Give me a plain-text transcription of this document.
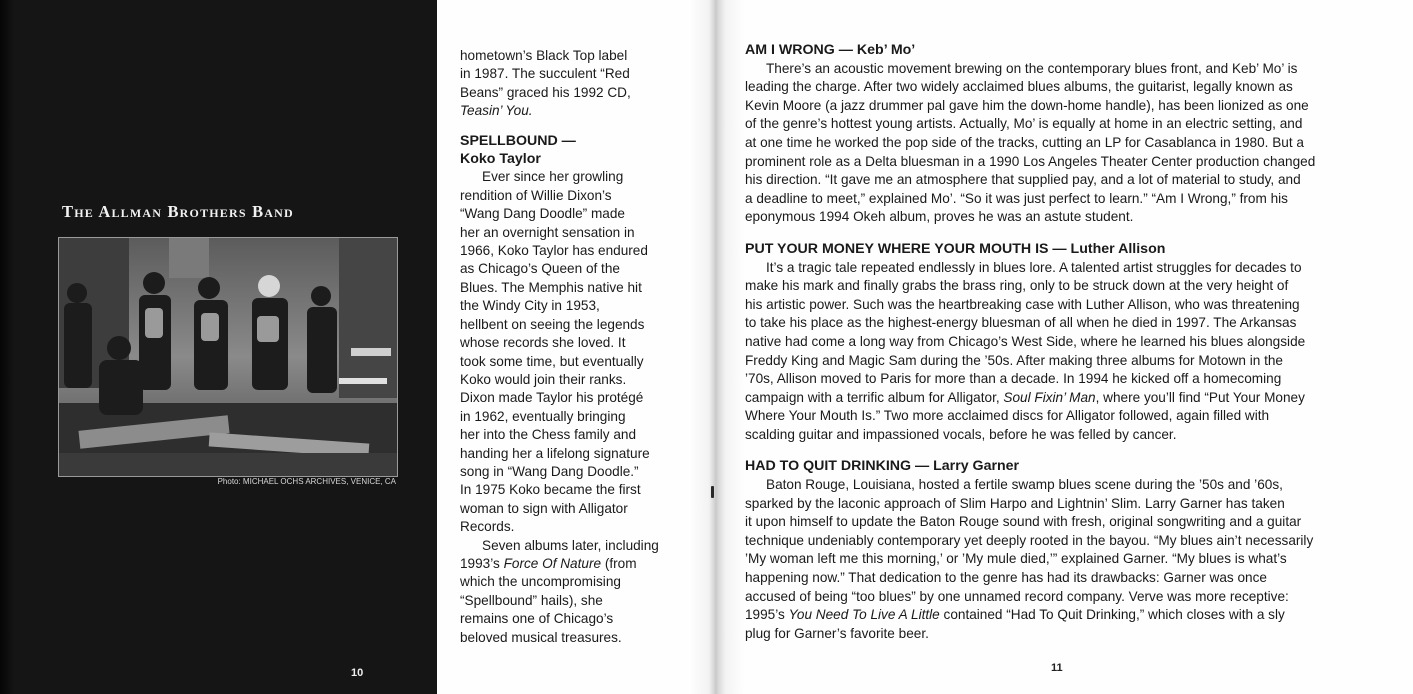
The Allman Brothers Band
Photo: MICHAEL OCHS ARCHIVES, VENICE, CA
10
hometown’s Black Top label
in 1987. The succulent “Red
Beans” graced his 1992 CD,
Teasin’ You.
SPELLBOUND —
Koko Taylor
Ever since her growling
rendition of Willie Dixon’s
“Wang Dang Doodle” made
her an overnight sensation in
1966, Koko Taylor has endured
as Chicago’s Queen of the
Blues. The Memphis native hit
the Windy City in 1953,
hellbent on seeing the legends
whose records she loved. It
took some time, but eventually
Koko would join their ranks.
Dixon made Taylor his protégé
in 1962, eventually bringing
her into the Chess family and
handing her a lifelong signature
song in “Wang Dang Doodle.”
In 1975 Koko became the first
woman to sign with Alligator
Records.
Seven albums later, including
1993’s Force Of Nature (from
which the uncompromising
“Spellbound” hails), she
remains one of Chicago’s
beloved musical treasures.
AM I WRONG — Keb’ Mo’
There’s an acoustic movement brewing on the contemporary blues front, and Keb’ Mo’ is
leading the charge. After two widely acclaimed blues albums, the guitarist, legally known as
Kevin Moore (a jazz drummer pal gave him the down-home handle), has been lionized as one
of the genre’s hottest young artists. Actually, Mo’ is equally at home in an electric setting, and
at one time he worked the pop side of the tracks, cutting an LP for Casablanca in 1980. But a
prominent role as a Delta bluesman in a 1990 Los Angeles Theater Center production changed
his direction. “It gave me an atmosphere that supplied pay, and a lot of material to study, and
a deadline to meet,” explained Mo’. “So it was just perfect to learn.” “Am I Wrong,” from his
eponymous 1994 Okeh album, proves he was an astute student.
PUT YOUR MONEY WHERE YOUR MOUTH IS — Luther Allison
It’s a tragic tale repeated endlessly in blues lore. A talented artist struggles for decades to
make his mark and finally grabs the brass ring, only to be struck down at the very height of
his artistic power. Such was the heartbreaking case with Luther Allison, who was threatening
to take his place as the highest-energy bluesman of all when he died in 1997. The Arkansas
native had come a long way from Chicago’s West Side, where he learned his blues alongside
Freddy King and Magic Sam during the ’50s. After making three albums for Motown in the
’70s, Allison moved to Paris for more than a decade. In 1994 he kicked off a homecoming
campaign with a terrific album for Alligator, Soul Fixin’ Man, where you’ll find “Put Your Money
Where Your Mouth Is.” Two more acclaimed discs for Alligator followed, again filled with
scalding guitar and impassioned vocals, before he was felled by cancer.
HAD TO QUIT DRINKING — Larry Garner
Baton Rouge, Louisiana, hosted a fertile swamp blues scene during the ’50s and ’60s,
sparked by the laconic approach of Slim Harpo and Lightnin’ Slim. Larry Garner has taken
it upon himself to update the Baton Rouge sound with fresh, original songwriting and a guitar
technique undeniably contemporary yet deeply rooted in the bayou. “My blues ain’t necessarily
’My woman left me this morning,’ or ’My mule died,’” explained Garner. “My blues is what’s
happening now.” That dedication to the genre has had its drawbacks: Garner was once
accused of being “too blues” by one unnamed record company. Verve was more receptive:
1995’s You Need To Live A Little contained “Had To Quit Drinking,” which closes with a sly
plug for Garner’s favorite beer.
11
